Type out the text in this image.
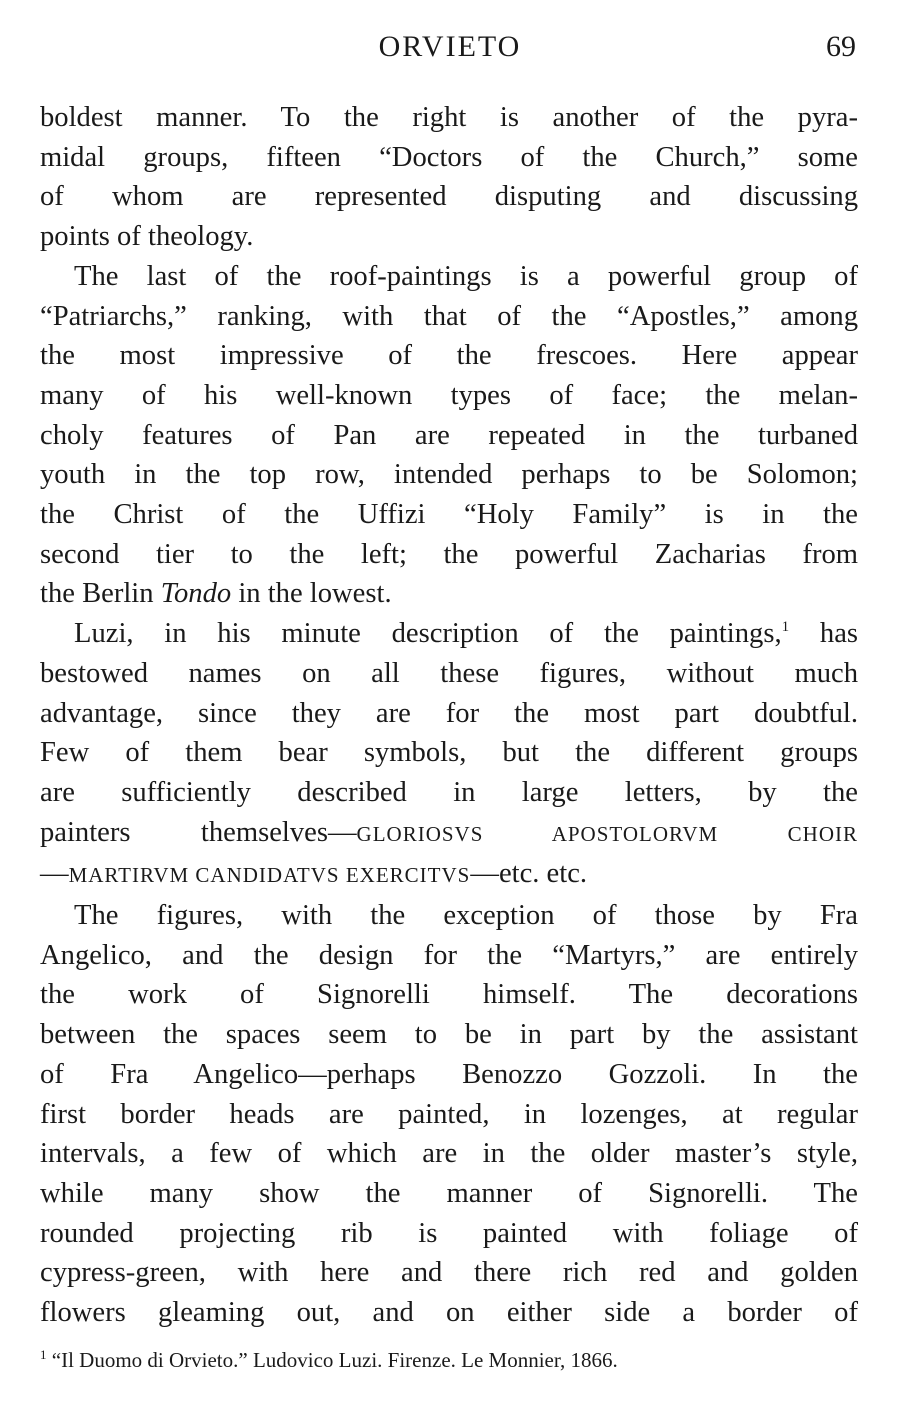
ORVIETO	69

boldest manner. To the right is another of the pyra-
midal groups, fifteen “Doctors of the Church,” some
of whom are represented disputing and discussing
points of theology.

The last of the roof-paintings is a powerful group of
“Patriarchs,” ranking, with that of the “Apostles,” among
the most impressive of the frescoes. Here appear
many of his well-known types of face; the melan-
choly features of Pan are repeated in the turbaned
youth in the top row, intended perhaps to be Solomon;
the Christ of the Uffizi “Holy Family” is in the
second tier to the left; the powerful Zacharias from
the Berlin Tondo in the lowest.

Luzi, in his minute description of the paintings,$^1$ has
bestowed names on all these figures, without much
advantage, since they are for the most part doubtful.
Few of them bear symbols, but the different groups
are sufficiently described in large letters, by the
painters themselves—GLORIOSVS APOSTOLORVM CHOIR
—MARTIRVM CANDIDATVS EXERCITVS—etc. etc.

The figures, with the exception of those by Fra
Angelico, and the design for the “Martyrs,” are entirely
the work of Signorelli himself. The decorations
between the spaces seem to be in part by the assistant
of Fra Angelico—perhaps Benozzo Gozzoli. In the
first border heads are painted, in lozenges, at regular
intervals, a few of which are in the older master’s style,
while many show the manner of Signorelli. The
rounded projecting rib is painted with foliage of
cypress-green, with here and there rich red and golden
flowers gleaming out, and on either side a border of

$^1$ “Il Duomo di Orvieto.” Ludovico Luzi. Firenze. Le Monnier, 1866.
